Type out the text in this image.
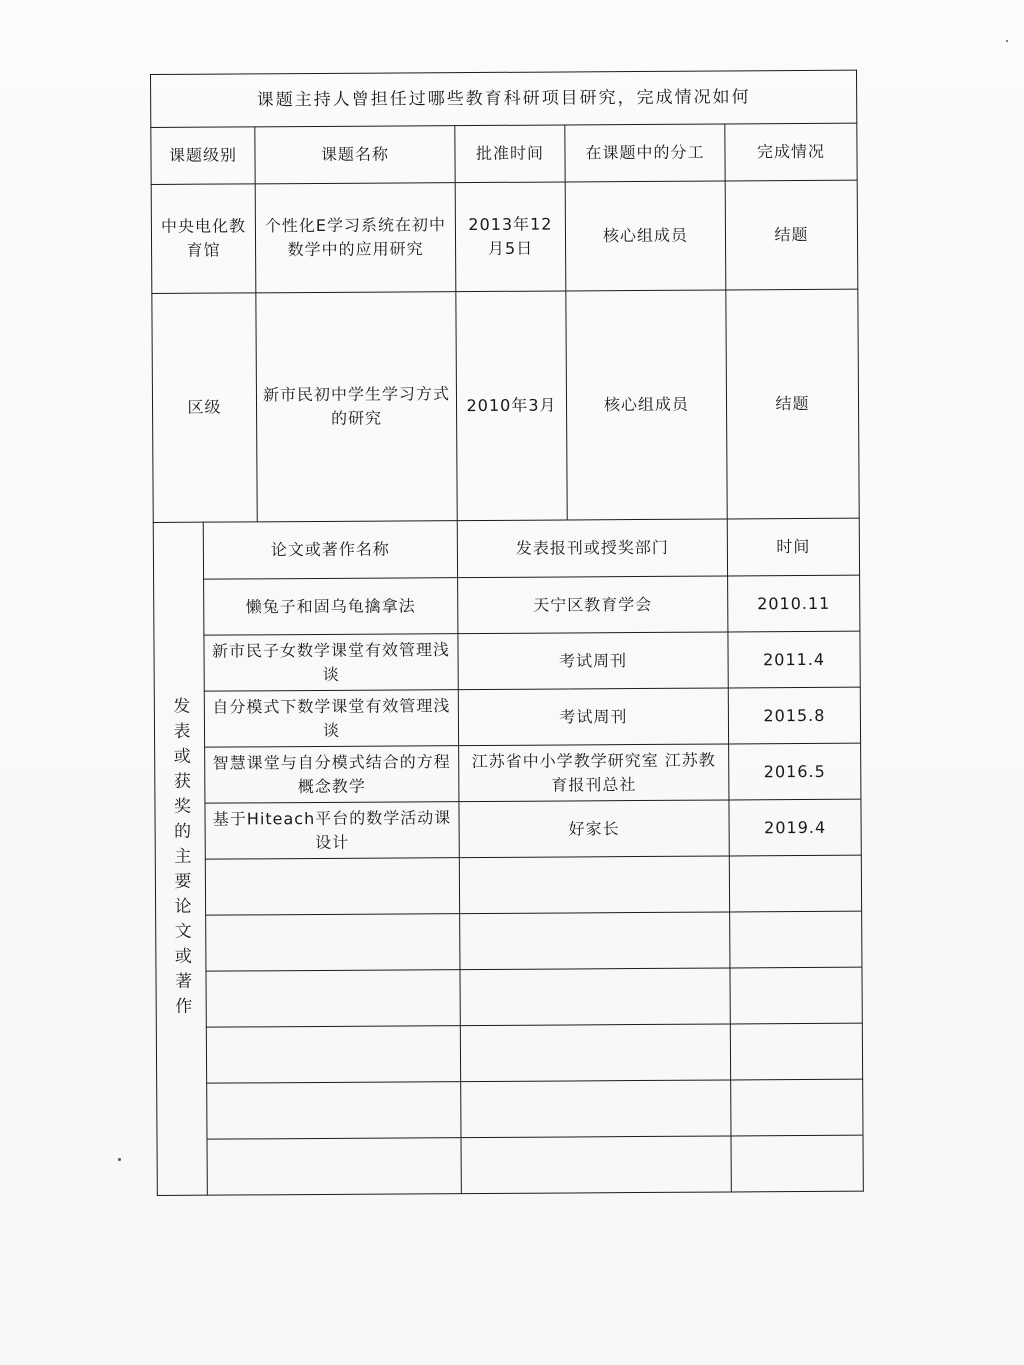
课题主持人曾担任过哪些教育科研项目研究，完成情况如何					
课题级别		课题名称	批准时间	在课题中的分工	完成情况
中央电化教育馆		个性化E学习系统在初中数学中的应用研究	2013年12月5日	核心组成员	结题
区级		新市民初中学生学习方式的研究	2010年3月	核心组成员	结题
发表或获奖的主要论文或著作	论文或著作名称		发表报刊或授奖部门		时间
	懒兔子和固乌龟擒拿法		天宁区教育学会		2010.11
	新市民子女数学课堂有效管理浅谈		考试周刊		2011.4
	自分模式下数学课堂有效管理浅谈		考试周刊		2015.8
	智慧课堂与自分模式结合的方程概念教学		江苏省中小学教学研究室 江苏教育报刊总社		2016.5
	基于Hiteach平台的数学活动课设计		好家长		2019.4
